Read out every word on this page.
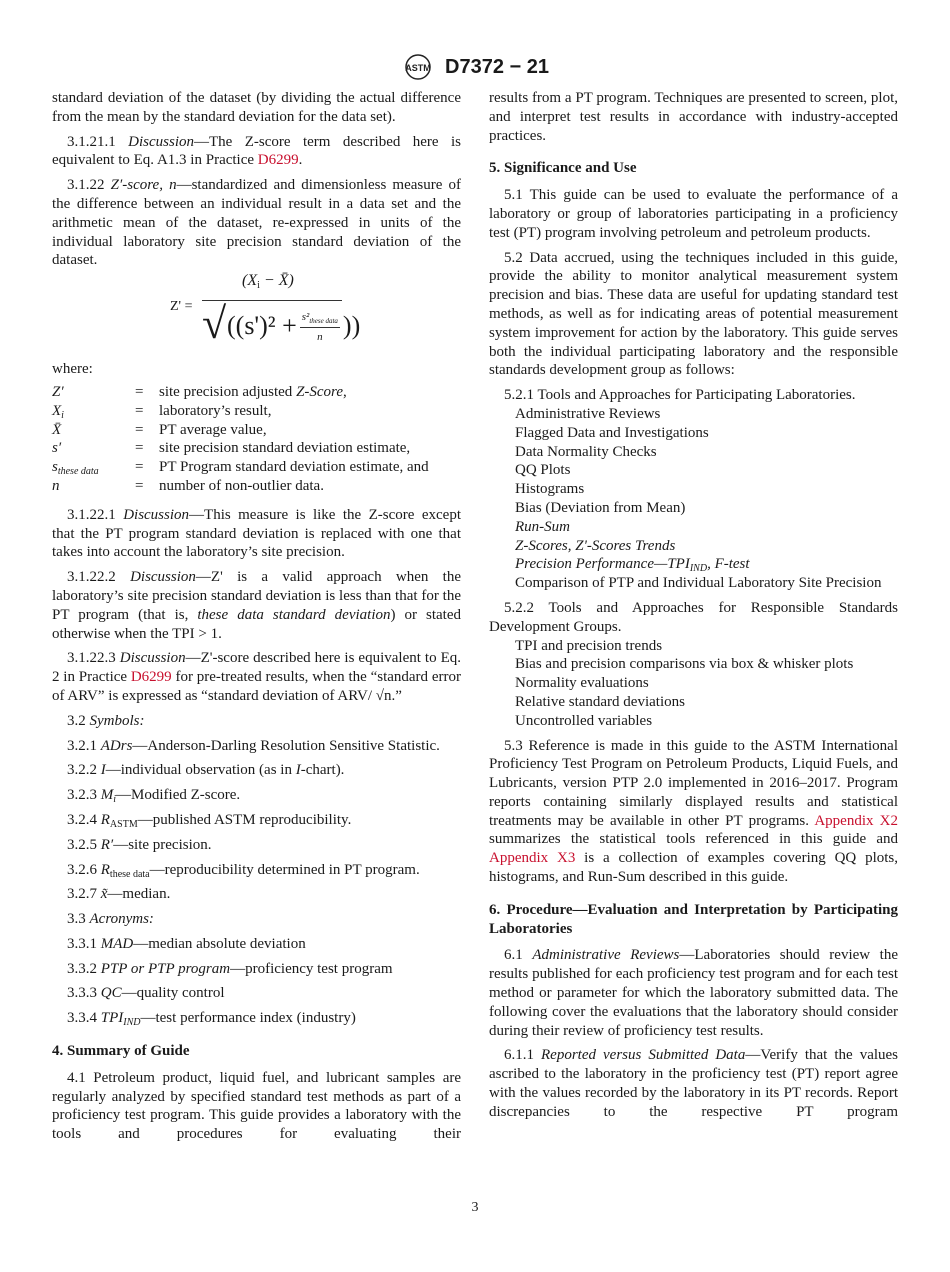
ASTM D7372 − 21
standard deviation of the dataset (by dividing the actual difference from the mean by the standard deviation for the data set).
3.1.21.1 Discussion—The Z-score term described here is equivalent to Eq. A1.3 in Practice D6299.
3.1.22 Z′-score, n—standardized and dimensionless measure of the difference between an individual result in a data set and the arithmetic mean of the dataset, re-expressed in units of the individual laboratory site precision standard deviation of the dataset.
Z' =
($X_i$ − X̄)
√ ($(s')^2 + s^2_{these data}$
n ))
where:
Z′	=	site precision adjusted Z-Score,
$X_i$	=	laboratory’s result,
X̄	=	PT average value,
s′	=	site precision standard deviation estimate,
$s_{these data}$	=	PT Program standard deviation estimate, and
n	=	number of non-outlier data.
3.1.22.1 Discussion—This measure is like the Z-score except that the PT program standard deviation is replaced with one that takes into account the laboratory’s site precision.
3.1.22.2 Discussion—Z' is a valid approach when the laboratory’s site precision standard deviation is less than that for the PT program (that is, these data standard deviation) or stated otherwise when the TPI > 1.
3.1.22.3 Discussion—Z'-score described here is equivalent to Eq. 2 in Practice D6299 for pre-treated results, when the “standard error of ARV” is expressed as “standard deviation of ARV/ √n.”
3.2 Symbols:
3.2.1 ADrs—Anderson-Darling Resolution Sensitive Statistic.
3.2.2 I—individual observation (as in I-chart).
3.2.3 $M_i—Modified$ Z-score.
3.2.4 $R_{ASTM}—published$ ASTM reproducibility.
3.2.5 R′—site precision.
3.2.6 $R_{these data}—reproducibility$ determined in PT program.
3.2.7 x̃—median.
3.3 Acronyms:
3.3.1 MAD—median absolute deviation
3.3.2 PTP or PTP program—proficiency test program
3.3.3 QC—quality control
3.3.4 $TPI_{IND}—test$ performance index (industry)
4. Summary of Guide
4.1 Petroleum product, liquid fuel, and lubricant samples are regularly analyzed by specified standard test methods as part of a proficiency test program. This guide provides a laboratory with the tools and procedures for evaluating their
results from a PT program. Techniques are presented to screen, plot, and interpret test results in accordance with industry-accepted practices.
5. Significance and Use
5.1 This guide can be used to evaluate the performance of a laboratory or group of laboratories participating in a proficiency test (PT) program involving petroleum and petroleum products.
5.2 Data accrued, using the techniques included in this guide, provide the ability to monitor analytical measurement system precision and bias. These data are useful for updating standard test methods, as well as for indicating areas of potential measurement system improvement for action by the laboratory. This guide serves both the individual participating laboratory and the responsible standards development group as follows:
5.2.1 Tools and Approaches for Participating Laboratories.
Administrative Reviews
Flagged Data and Investigations
Data Normality Checks
QQ Plots
Histograms
Bias (Deviation from Mean)
Run-Sum
Z-Scores, Z'-Scores Trends
Precision $Performance—TPI_{IND}$, F-test
Comparison of PTP and Individual Laboratory Site Precision
5.2.2 Tools and Approaches for Responsible Standards Development Groups.
TPI and precision trends
Bias and precision comparisons via box & whisker plots
Normality evaluations
Relative standard deviations
Uncontrolled variables
5.3 Reference is made in this guide to the ASTM International Proficiency Test Program on Petroleum Products, Liquid Fuels, and Lubricants, version PTP 2.0 implemented in 2016–2017. Program reports containing similarly displayed results and statistical treatments may be available in other PT programs. Appendix X2 summarizes the statistical tools referenced in this guide and Appendix X3 is a collection of examples covering QQ plots, histograms, and Run-Sum described in this guide.
6. Procedure—Evaluation and Interpretation by Participating Laboratories
6.1 Administrative Reviews—Laboratories should review the results published for each proficiency test program and for each test method or parameter for which the laboratory submitted data. The following cover the evaluations that the laboratory should consider during their review of proficiency test results.
6.1.1 Reported versus Submitted Data—Verify that the values ascribed to the laboratory in the proficiency test (PT) report agree with the values recorded by the laboratory in its PT records. Report discrepancies to the respective PT program
3
